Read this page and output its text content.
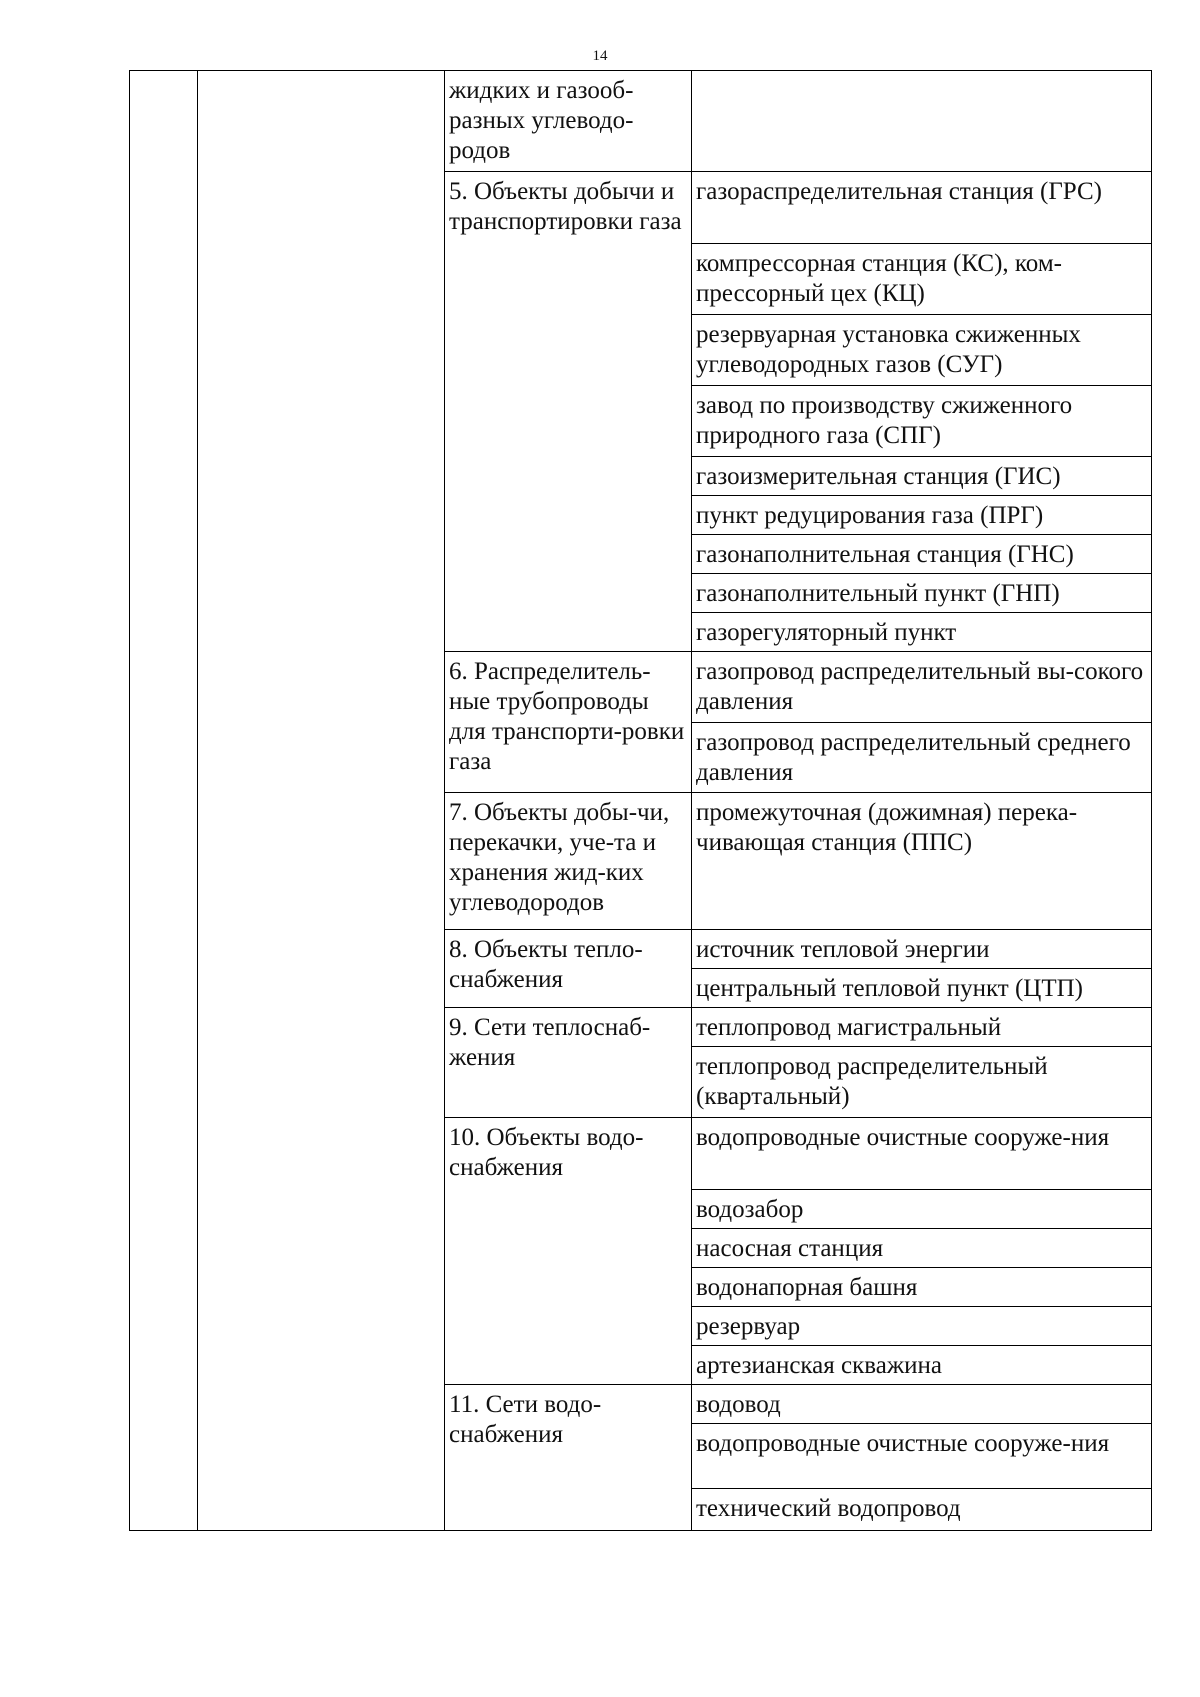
14
		жидких и газооб-разных углеводо-родов	
		5. Объекты добычи и транспортировки газа	газораспределительная станция (ГРС)
			компрессорная станция (КС), ком-прессорный цех (КЦ)
			резервуарная установка сжиженных углеводородных газов (СУГ)
			завод по производству сжиженного природного газа (СПГ)
			газоизмерительная станция (ГИС)
			пункт редуцирования газа (ПРГ)
			газонаполнительная станция (ГНС)
			газонаполнительный пункт (ГНП)
			газорегуляторный пункт
		6. Распределитель-ные трубопроводы для транспорти-ровки газа	газопровод распределительный вы-сокого давления
			газопровод распределительный среднего давления
		7. Объекты добы-чи, перекачки, уче-та и хранения жид-ких углеводородов	промежуточная (дожимная) перека-чивающая станция (ППС)
		8. Объекты тепло-снабжения	источник тепловой энергии
			центральный тепловой пункт (ЦТП)
		9. Сети теплоснаб-жения	теплопровод магистральный
			теплопровод распределительный (квартальный)
		10. Объекты водо-снабжения	водопроводные очистные сооруже-ния
			водозабор
			насосная станция
			водонапорная башня
			резервуар
			артезианская скважина
		11. Сети водо-снабжения	водовод
			водопроводные очистные сооруже-ния
			технический водопровод
